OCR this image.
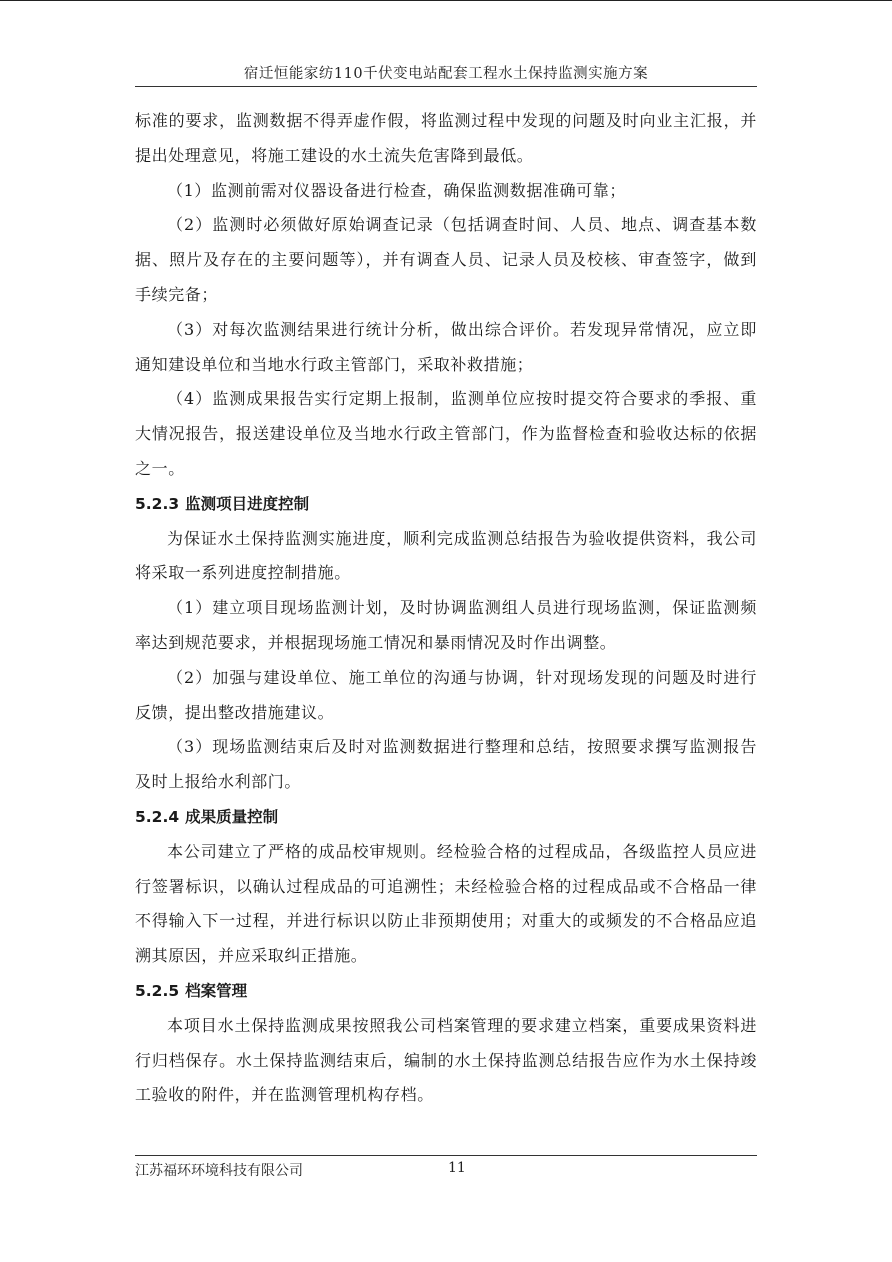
宿迁恒能家纺110千伏变电站配套工程水土保持监测实施方案

标准的要求，监测数据不得弄虚作假，将监测过程中发现的问题及时向业主汇报，并提出处理意见，将施工建设的水土流失危害降到最低。

（1）监测前需对仪器设备进行检查，确保监测数据准确可靠；

（2）监测时必须做好原始调查记录（包括调查时间、人员、地点、调查基本数据、照片及存在的主要问题等），并有调查人员、记录人员及校核、审查签字，做到手续完备；

（3）对每次监测结果进行统计分析，做出综合评价。若发现异常情况，应立即通知建设单位和当地水行政主管部门，采取补救措施；

（4）监测成果报告实行定期上报制，监测单位应按时提交符合要求的季报、重大情况报告，报送建设单位及当地水行政主管部门，作为监督检查和验收达标的依据之一。

5.2.3 监测项目进度控制

为保证水土保持监测实施进度，顺利完成监测总结报告为验收提供资料，我公司将采取一系列进度控制措施。

（1）建立项目现场监测计划，及时协调监测组人员进行现场监测，保证监测频率达到规范要求，并根据现场施工情况和暴雨情况及时作出调整。

（2）加强与建设单位、施工单位的沟通与协调，针对现场发现的问题及时进行反馈，提出整改措施建议。

（3）现场监测结束后及时对监测数据进行整理和总结，按照要求撰写监测报告及时上报给水利部门。

5.2.4 成果质量控制

本公司建立了严格的成品校审规则。经检验合格的过程成品，各级监控人员应进行签署标识，以确认过程成品的可追溯性；未经检验合格的过程成品或不合格品一律不得输入下一过程，并进行标识以防止非预期使用；对重大的或频发的不合格品应追溯其原因，并应采取纠正措施。

5.2.5 档案管理

本项目水土保持监测成果按照我公司档案管理的要求建立档案，重要成果资料进行归档保存。水土保持监测结束后，编制的水土保持监测总结报告应作为水土保持竣工验收的附件，并在监测管理机构存档。

江苏福环环境科技有限公司	11
